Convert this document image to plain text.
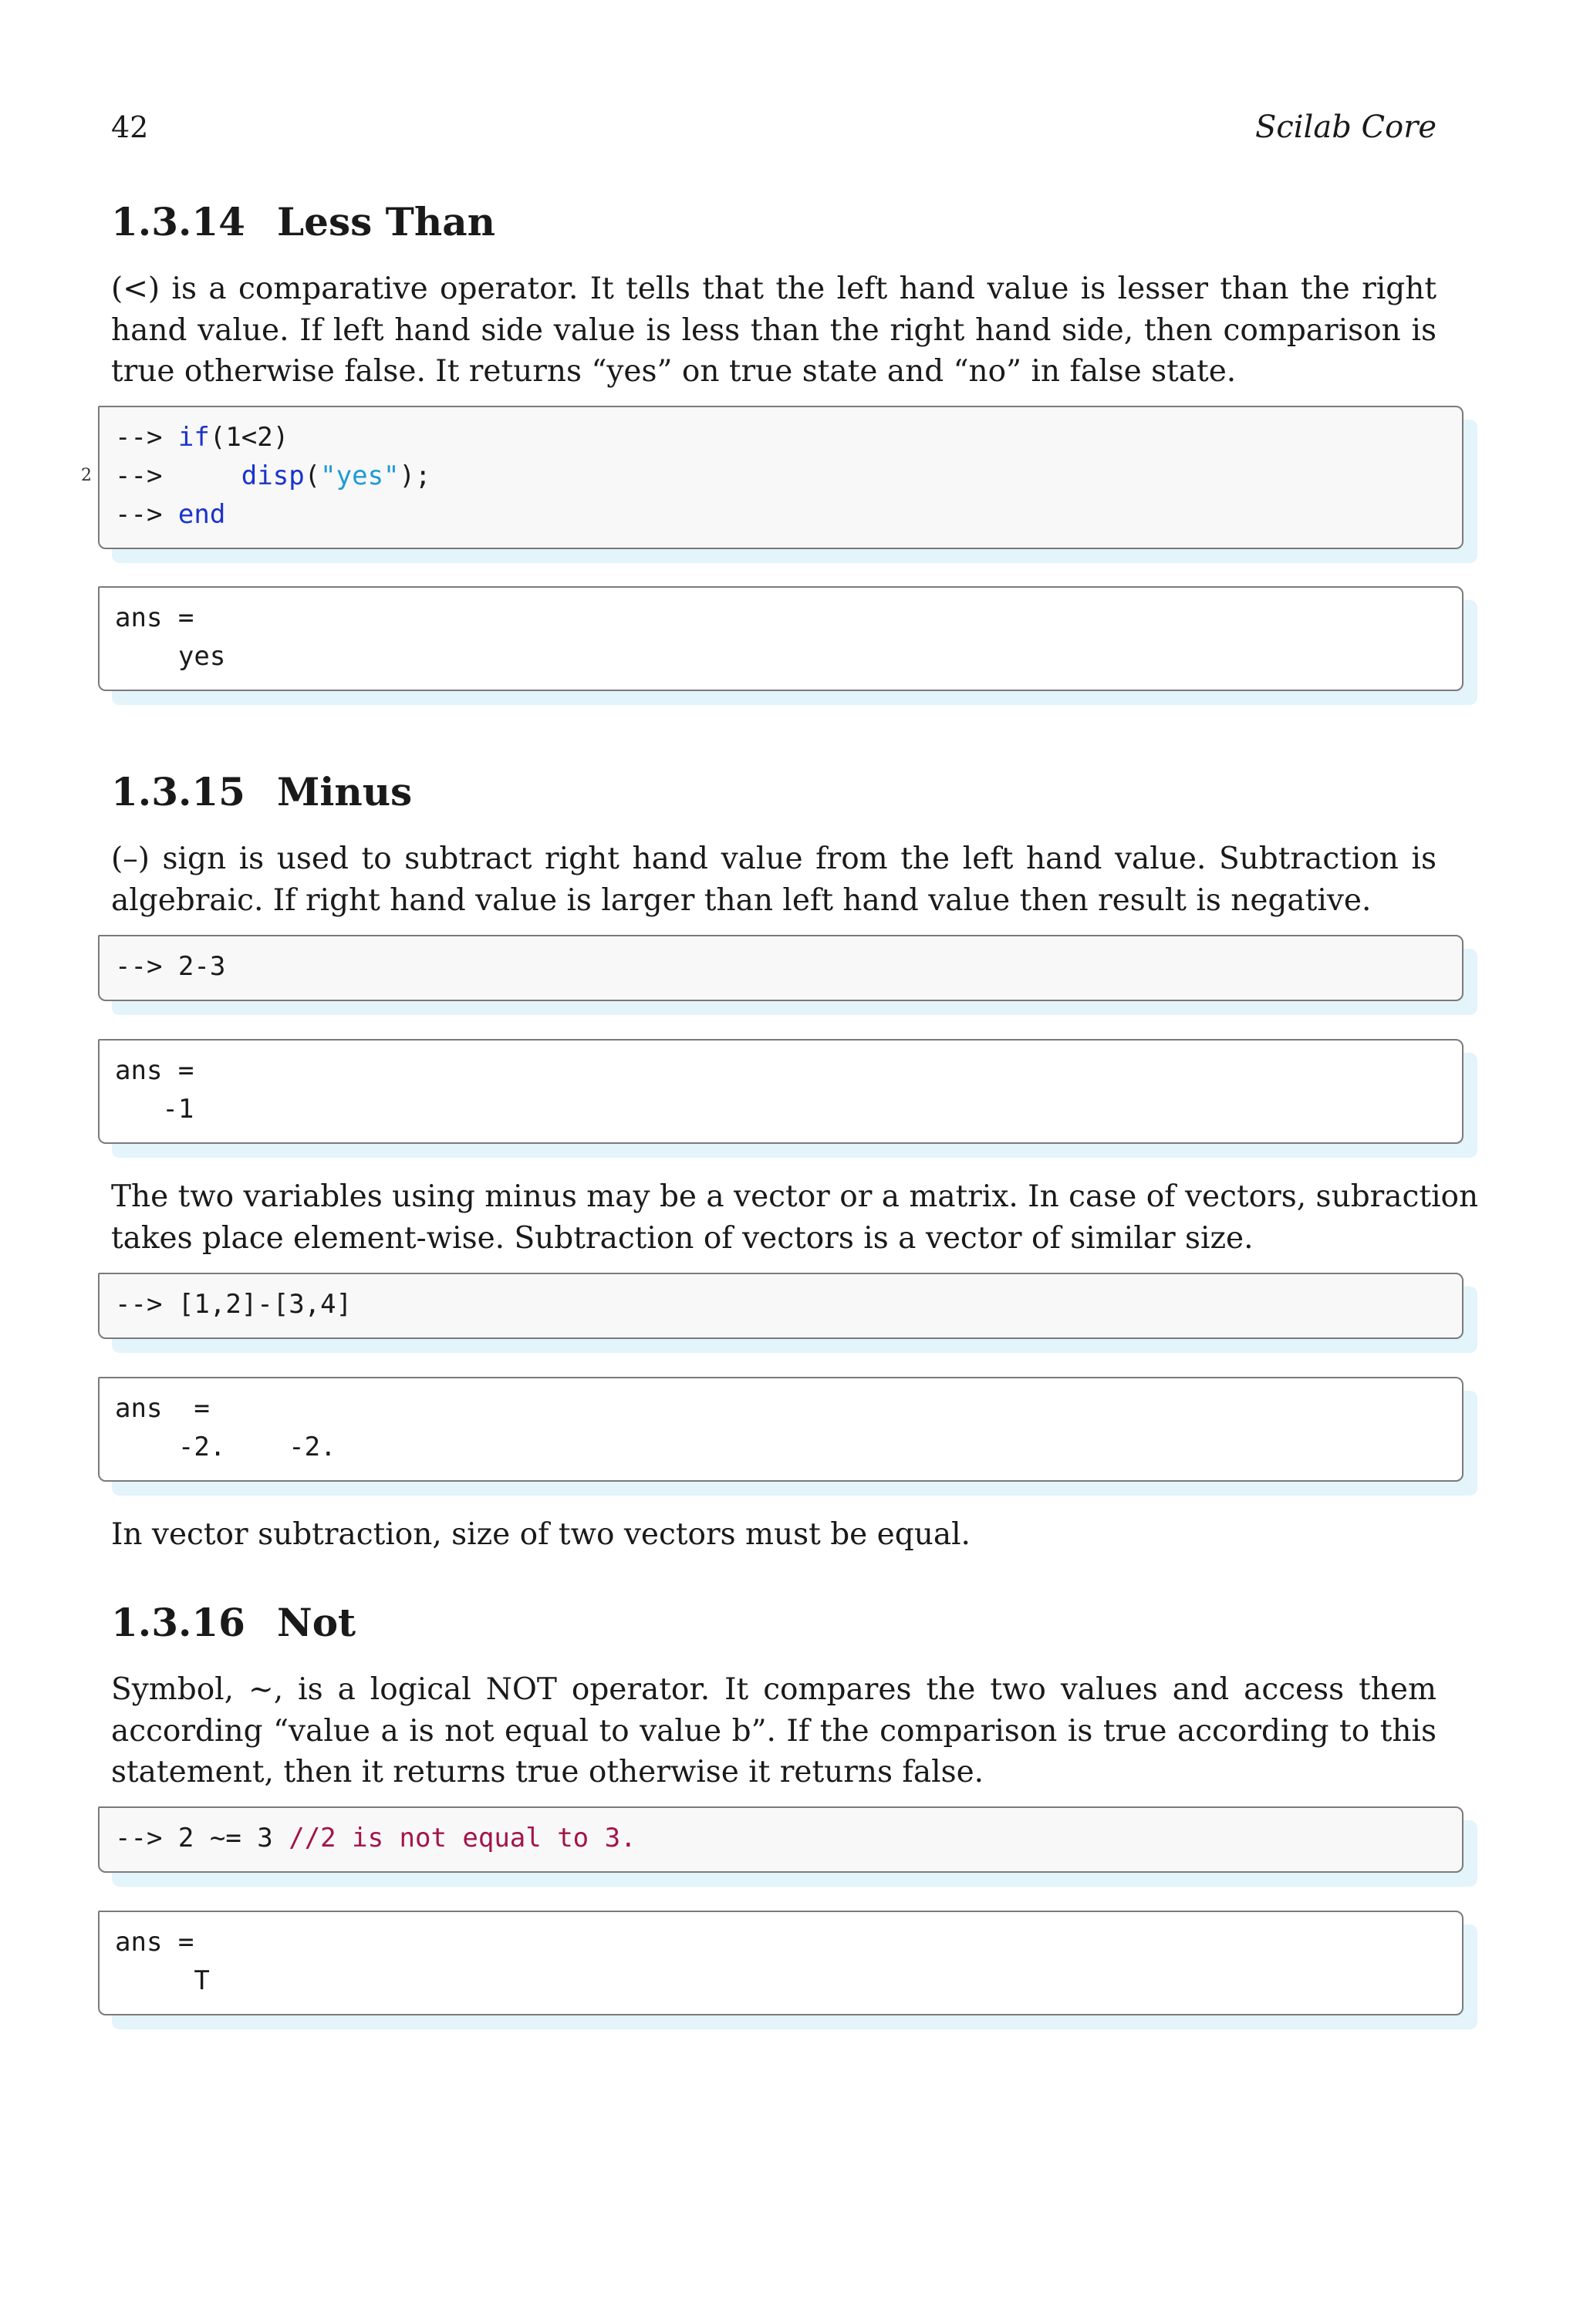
42	Scilab Core
1.3.14 Less Than
(<) is a comparative operator. It tells that the left hand value is lesser than the right
hand value. If left hand side value is less than the right hand side, then comparison is
true otherwise false. It returns “yes” on true state and “no” in false state.
--> if(1<2)

2 -->	disp("yes");
--> end
ans =
yes
1.3.15 Minus
(–) sign is used to subtract right hand value from the left hand value. Subtraction is
algebraic. If right hand value is larger than left hand value then result is negative.
--> 2-3
ans =
-1
The two variables using minus may be a vector or a matrix. In case of vectors, subraction
takes place element-wise. Subtraction of vectors is a vector of similar size.
--> [1,2]-[3,4]
ans  =
-2.    -2.
In vector subtraction, size of two vectors must be equal.
1.3.16 Not
Symbol, ∼, is a logical NOT operator. It compares the two values and access them
according “value a is not equal to value b”. If the comparison is true according to this
statement, then it returns true otherwise it returns false.
--> 2 ~= 3 //2 is not equal to 3.
ans =
T
